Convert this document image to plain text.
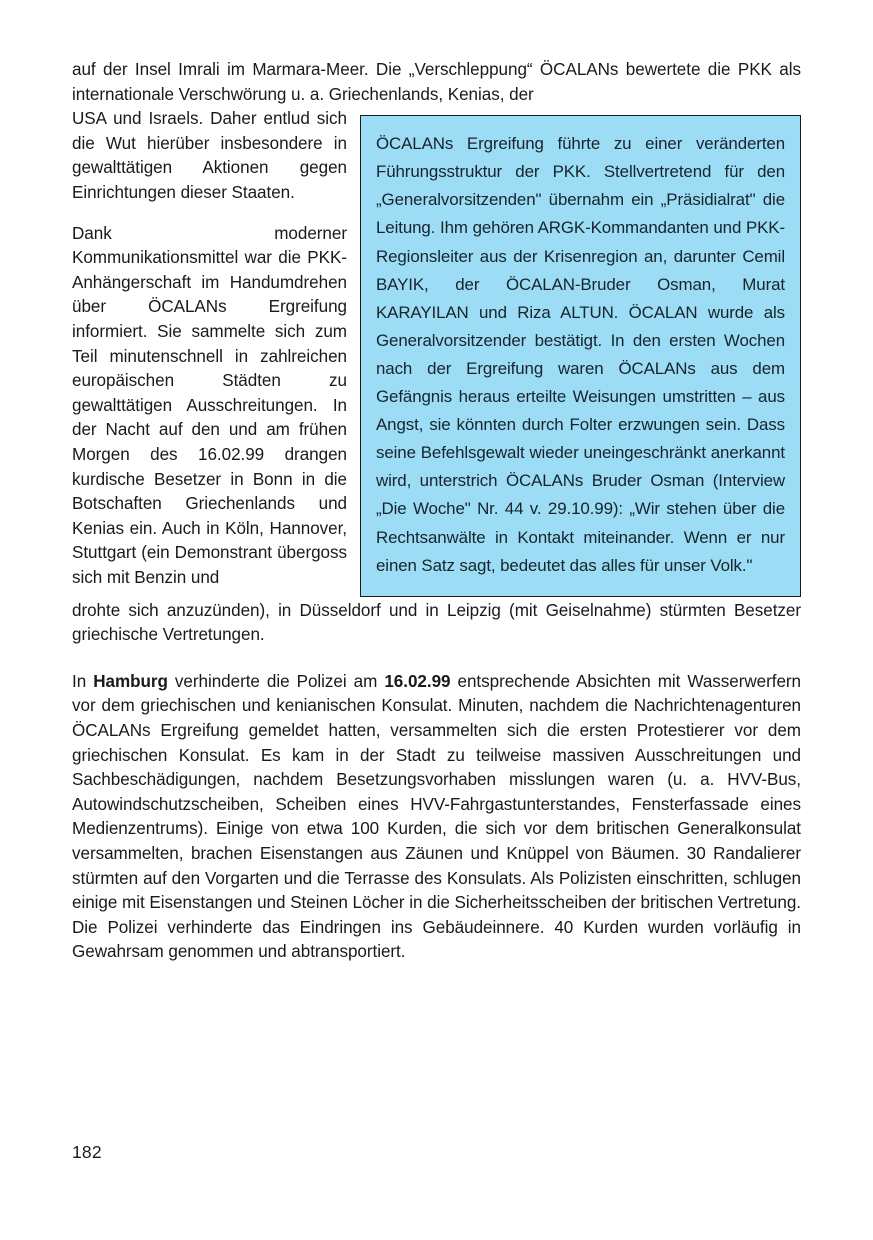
auf der Insel Imrali im Marmara-Meer. Die „Verschleppung“ ÖCALANs bewertete die PKK als internationale Verschwörung u. a. Griechenlands, Kenias, der

ÖCALANs Ergreifung führte zu einer veränderten Führungsstruktur der PKK. Stellvertretend für den „Generalvorsitzenden" übernahm ein „Präsidialrat" die Leitung. Ihm gehören ARGK-Kommandanten und PKK-Regionsleiter aus der Krisenregion an, darunter Cemil BAYIK, der ÖCALAN-Bruder Osman, Murat KARAYILAN und Riza ALTUN. ÖCALAN wurde als Generalvorsitzender bestätigt. In den ersten Wochen nach der Ergreifung waren ÖCALANs aus dem Gefängnis heraus erteilte Weisungen umstritten – aus Angst, sie könnten durch Folter erzwungen sein. Dass seine Befehlsgewalt wieder uneingeschränkt anerkannt wird, unterstrich ÖCALANs Bruder Osman (Interview „Die Woche" Nr. 44 v. 29.10.99): „Wir stehen über die Rechtsanwälte in Kontakt miteinander. Wenn er nur einen Satz sagt, bedeutet das alles für unser Volk."

USA und Israels. Daher entlud sich die Wut hierüber insbesondere in gewalttätigen Aktionen gegen Einrichtungen dieser Staaten.

Dank moderner Kommunikationsmittel war die PKK-Anhängerschaft im Handumdrehen über ÖCALANs Ergreifung informiert. Sie sammelte sich zum Teil minutenschnell in zahlreichen europäischen Städten zu gewalttätigen Ausschreitungen. In der Nacht auf den und am frühen Morgen des 16.02.99 drangen kurdische Besetzer in Bonn in die Botschaften Griechenlands und Kenias ein. Auch in Köln, Hannover, Stuttgart (ein Demonstrant übergoss sich mit Benzin und

drohte sich anzuzünden), in Düsseldorf und in Leipzig (mit Geiselnahme) stürmten Besetzer griechische Vertretungen.

In Hamburg verhinderte die Polizei am 16.02.99 entsprechende Absichten mit Wasserwerfern vor dem griechischen und kenianischen Konsulat. Minuten, nachdem die Nachrichtenagenturen ÖCALANs Ergreifung gemeldet hatten, versammelten sich die ersten Protestierer vor dem griechischen Konsulat. Es kam in der Stadt zu teilweise massiven Ausschreitungen und Sachbeschädigungen, nachdem Besetzungsvorhaben misslungen waren (u. a. HVV-Bus, Autowindschutzscheiben, Scheiben eines HVV-Fahrgastunterstandes, Fensterfassade eines Medienzentrums). Einige von etwa 100 Kurden, die sich vor dem britischen Generalkonsulat versammelten, brachen Eisenstangen aus Zäunen und Knüppel von Bäumen. 30 Randalierer stürmten auf den Vorgarten und die Terrasse des Konsulats. Als Polizisten einschritten, schlugen einige mit Eisenstangen und Steinen Löcher in die Sicherheitsscheiben der britischen Vertretung. Die Polizei verhinderte das Eindringen ins Gebäudeinnere. 40 Kurden wurden vorläufig in Gewahrsam genommen und abtransportiert.

182
